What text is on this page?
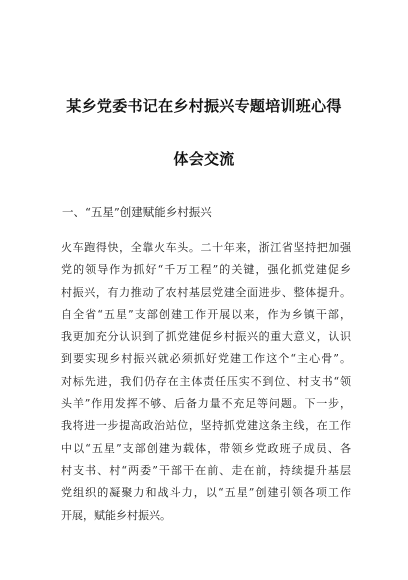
某乡党委书记在乡村振兴专题培训班心得
体会交流
一、“五星”创建赋能乡村振兴
火车跑得快，全靠火车头。二十年来，浙江省坚持把加强
党的领导作为抓好“千万工程”的关键，强化抓党建促乡
村振兴，有力推动了农村基层党建全面进步、整体提升。
自全省“五星”支部创建工作开展以来，作为乡镇干部，
我更加充分认识到了抓党建促乡村振兴的重大意义，认识
到要实现乡村振兴就必须抓好党建工作这个“主心骨”。
对标先进，我们仍存在主体责任压实不到位、村支书“领
头羊”作用发挥不够、后备力量不充足等问题。下一步，
我将进一步提高政治站位，坚持抓党建这条主线，在工作
中以“五星”支部创建为载体，带领乡党政班子成员、各
村支书、村“两委”干部干在前、走在前，持续提升基层
党组织的凝聚力和战斗力，以“五星”创建引领各项工作
开展，赋能乡村振兴。
